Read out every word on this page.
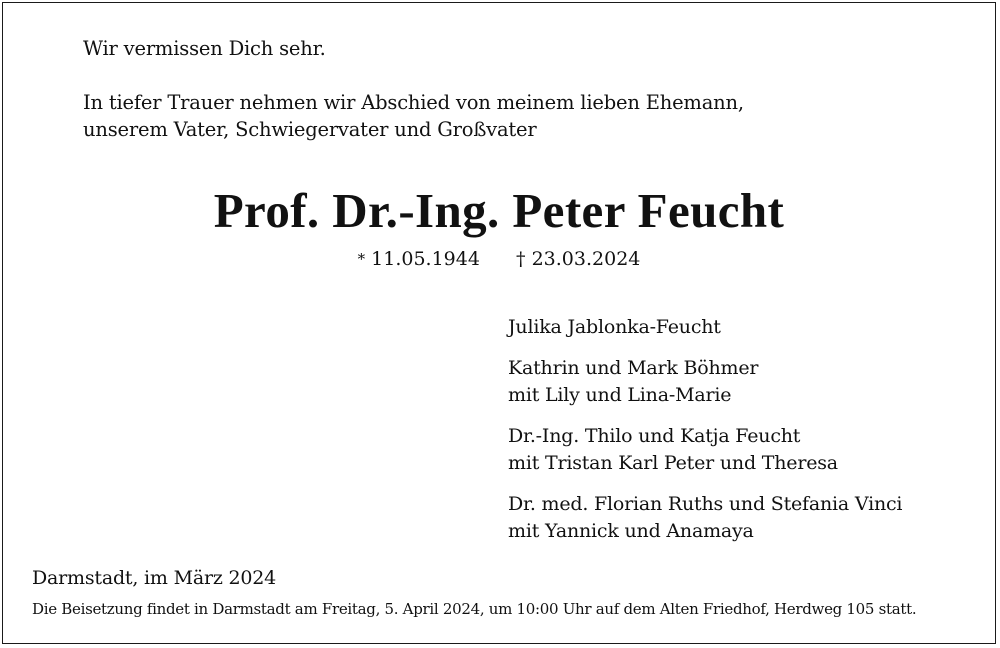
Wir vermissen Dich sehr.
In tiefer Trauer nehmen wir Abschied von meinem lieben Ehemann,
unserem Vater, Schwiegervater und Großvater
Prof. Dr.-Ing. Peter Feucht
* 11.05.1944 † 23.03.2024
Julika Jablonka-Feucht
Kathrin und Mark Böhmer
mit Lily und Lina-Marie
Dr.-Ing. Thilo und Katja Feucht
mit Tristan Karl Peter und Theresa
Dr. med. Florian Ruths und Stefania Vinci
mit Yannick und Anamaya
Darmstadt, im März 2024
Die Beisetzung findet in Darmstadt am Freitag, 5. April 2024, um 10:00 Uhr auf dem Alten Friedhof, Herdweg 105 statt.
